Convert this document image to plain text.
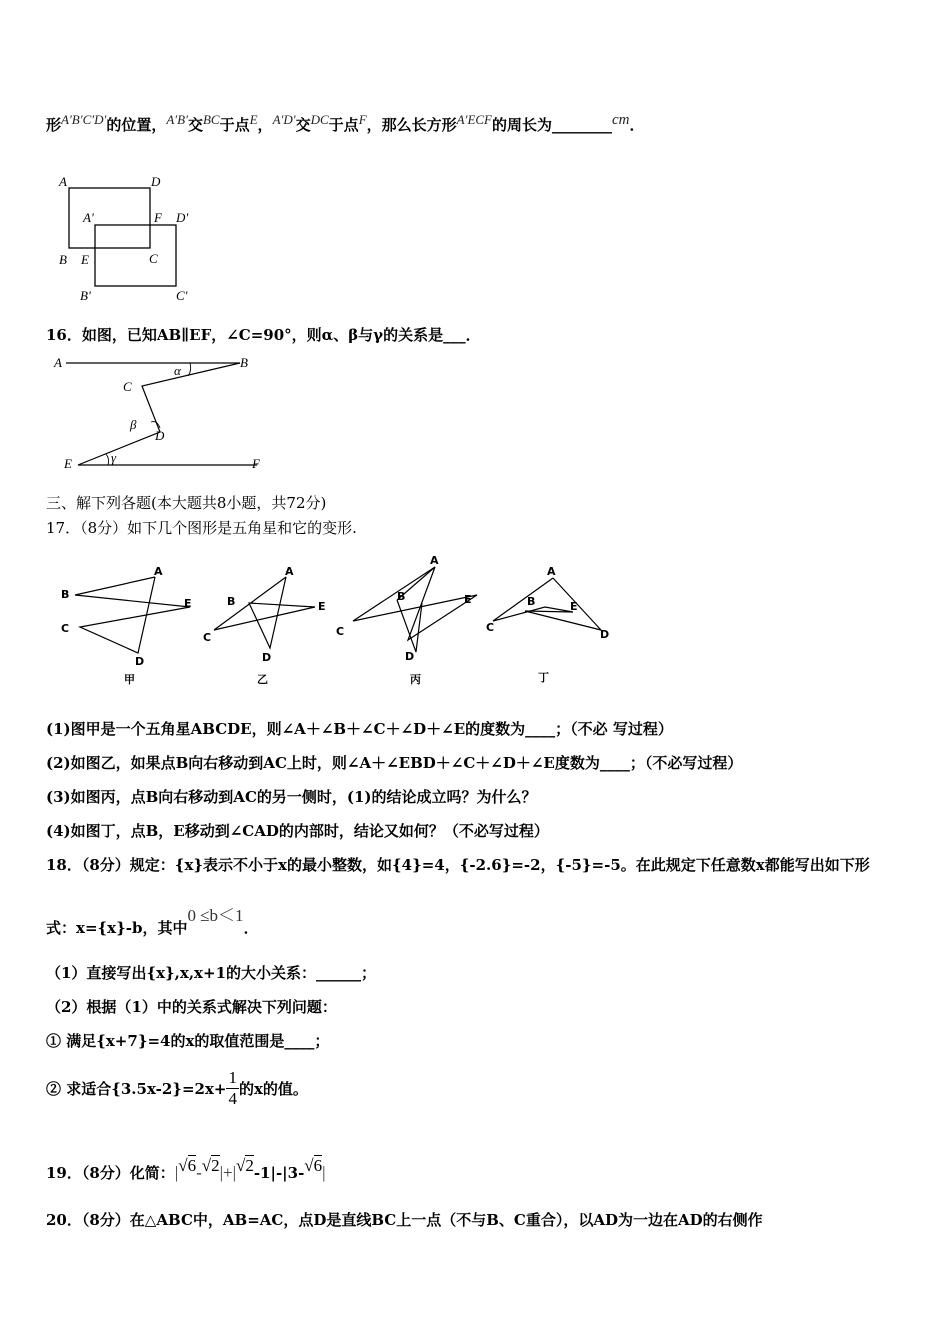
形A′B′C′D′的位置，A′B′交BC于点E，A′D′交DC于点F，那么长方形A′ECF的周长为________cm．
A	D
A'	F D'
B E	C
B'	C'
16．如图，已知AB∥EF，∠C=90°，则α、β与γ的关系是___．
A	B
C
D
E	F
α
β
γ
三、解下列各题(本大题共8小题，共72分)
17．（8分）如下几个图形是五角星和它的变形.
A
B
C
D
E
甲
A
B
C
D
E
乙
A
B
C
D
E
丙
A
B
C
D
E
丁
(1)图甲是一个五角星ABCDE，则∠A＋∠B＋∠C＋∠D＋∠E的度数为____；（不必 写过程）
(2)如图乙，如果点B向右移动到AC上时，则∠A＋∠EBD＋∠C＋∠D＋∠E度数为____；（不必写过程）
(3)如图丙，点B向右移动到AC的另一侧时，(1)的结论成立吗？为什么？
(4)如图丁，点B，E移动到∠CAD的内部时，结论又如何？（不必写过程）
18．（8分）规定：{x}表示不小于x的最小整数，如{4}=4，{-2.6}=-2，{-5}=-5。在此规定下任意数x都能写出如下形
式：x={x}-b，其中0 ≤b＜1．
（1）直接写出{x},x,x+1的大小关系：______；
（2）根据（1）中的关系式解决下列问题：
① 满足{x+7}=4的x的取值范围是____；
② 求适合$\{3.5x-2\}=2x+ \frac{1}{4}$ 的x的值。
19．（8分）化简：|√6-√2|+|√2-1|-|3-√6|
20．（8分）在△ABC中，AB=AC，点D是直线BC上一点（不与B、C重合），以AD为一边在AD的右侧作
